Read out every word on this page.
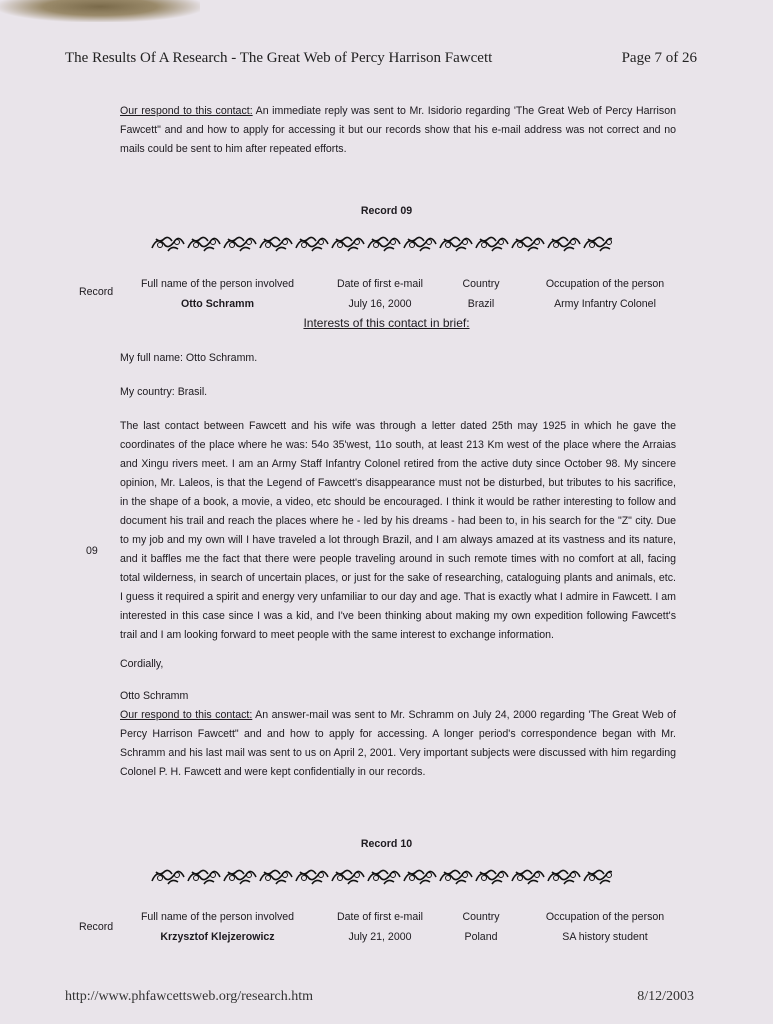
The Results Of A Research - The Great Web of Percy Harrison Fawcett	Page 7 of 26
Our respond to this contact: An immediate reply was sent to Mr. Isidorio regarding 'The Great Web of Percy Harrison Fawcett" and and how to apply for accessing it but our records show that his e-mail address was not correct and no mails could be sent to him after repeated efforts.
Record 09
Record
Full name of the person involved
Otto Schramm
Date of first e-mail
July 16, 2000
Country
Brazil
Occupation of the person
Army Infantry Colonel
Interests of this contact in brief:
My full name: Otto Schramm.
My country: Brasil.
The last contact between Fawcett and his wife was through a letter dated 25th may 1925 in which he gave the coordinates of the place where he was: 54o 35'west, 11o south, at least 213 Km west of the place where the Arraias and Xingu rivers meet. I am an Army Staff Infantry Colonel retired from the active duty since October 98. My sincere opinion, Mr. Laleos, is that the Legend of Fawcett's disappearance must not be disturbed, but tributes to his sacrifice, in the shape of a book, a movie, a video, etc should be encouraged. I think it would be rather interesting to follow and document his trail and reach the places where he - led by his dreams - had been to, in his search for the "Z" city. Due to my job and my own will I have traveled a lot through Brazil, and I am always amazed at its vastness and its nature, and it baffles me the fact that there were people traveling around in such remote times with no comfort at all, facing total wilderness, in search of uncertain places, or just for the sake of researching, cataloguing plants and animals, etc. I guess it required a spirit and energy very unfamiliar to our day and age. That is exactly what I admire in Fawcett. I am interested in this case since I was a kid, and I've been thinking about making my own expedition following Fawcett's trail and I am looking forward to meet people with the same interest to exchange information.
09
Cordially,
Otto Schramm
Our respond to this contact: An answer-mail was sent to Mr. Schramm on July 24, 2000 regarding 'The Great Web of Percy Harrison Fawcett" and and how to apply for accessing. A longer period's correspondence began with Mr. Schramm and his last mail was sent to us on April 2, 2001. Very important subjects were discussed with him regarding Colonel P. H. Fawcett and were kept confidentially in our records.
Record 10
Record
Full name of the person involved
Krzysztof Klejzerowicz
Date of first e-mail
July 21, 2000
Country
Poland
Occupation of the person
SA history student
http://www.phfawcettsweb.org/research.htm	8/12/2003
